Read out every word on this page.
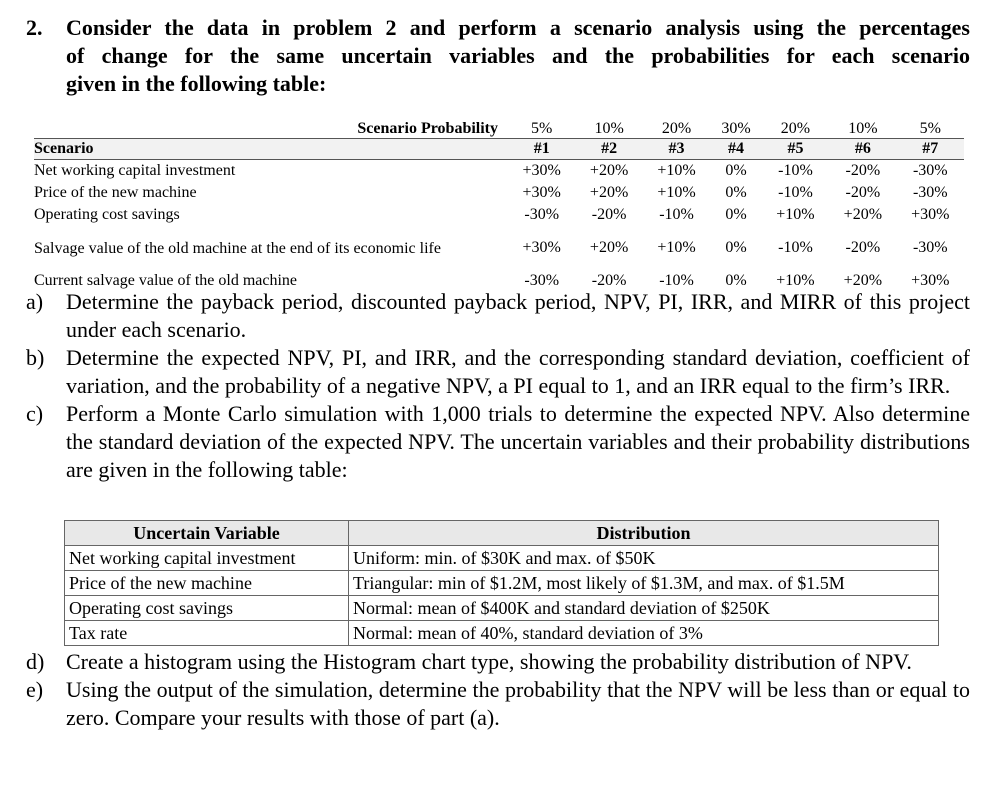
2. Consider the data in problem 2 and perform a scenario analysis using the percentages
of change for the same uncertain variables and the probabilities for each scenario
given in the following table:
Scenario Probability	5%	10%	20%	30%	20%	10%	5%
Scenario	#1	#2	#3	#4	#5	#6	#7
Net working capital investment	+30%	+20%	+10%	0%	-10%	-20%	-30%
Price of the new machine	+30%	+20%	+10%	0%	-10%	-20%	-30%
Operating cost savings	-30%	-20%	-10%	0%	+10%	+20%	+30%
Salvage value of the old machine at the end of its economic life	+30%	+20%	+10%	0%	-10%	-20%	-30%
Current salvage value of the old machine	-30%	-20%	-10%	0%	+10%	+20%	+30%
a) Determine the payback period, discounted payback period, NPV, PI, IRR, and MIRR of this project under each scenario.
b) Determine the expected NPV, PI, and IRR, and the corresponding standard deviation, coefficient of variation, and the probability of a negative NPV, a PI equal to 1, and an IRR equal to the firm’s IRR.
c) Perform a Monte Carlo simulation with 1,000 trials to determine the expected NPV. Also determine the standard deviation of the expected NPV. The uncertain variables and their probability distributions are given in the following table:
Uncertain Variable	Distribution
Net working capital investment	Uniform: min. of $30K and max. of $50K
Price of the new machine	Triangular: min of $1.2M, most likely of $1.3M, and max. of $1.5M
Operating cost savings	Normal: mean of $400K and standard deviation of $250K
Tax rate	Normal: mean of 40%, standard deviation of 3%
d) Create a histogram using the Histogram chart type, showing the probability distribution of NPV.
e) Using the output of the simulation, determine the probability that the NPV will be less than or equal to zero. Compare your results with those of part (a).
